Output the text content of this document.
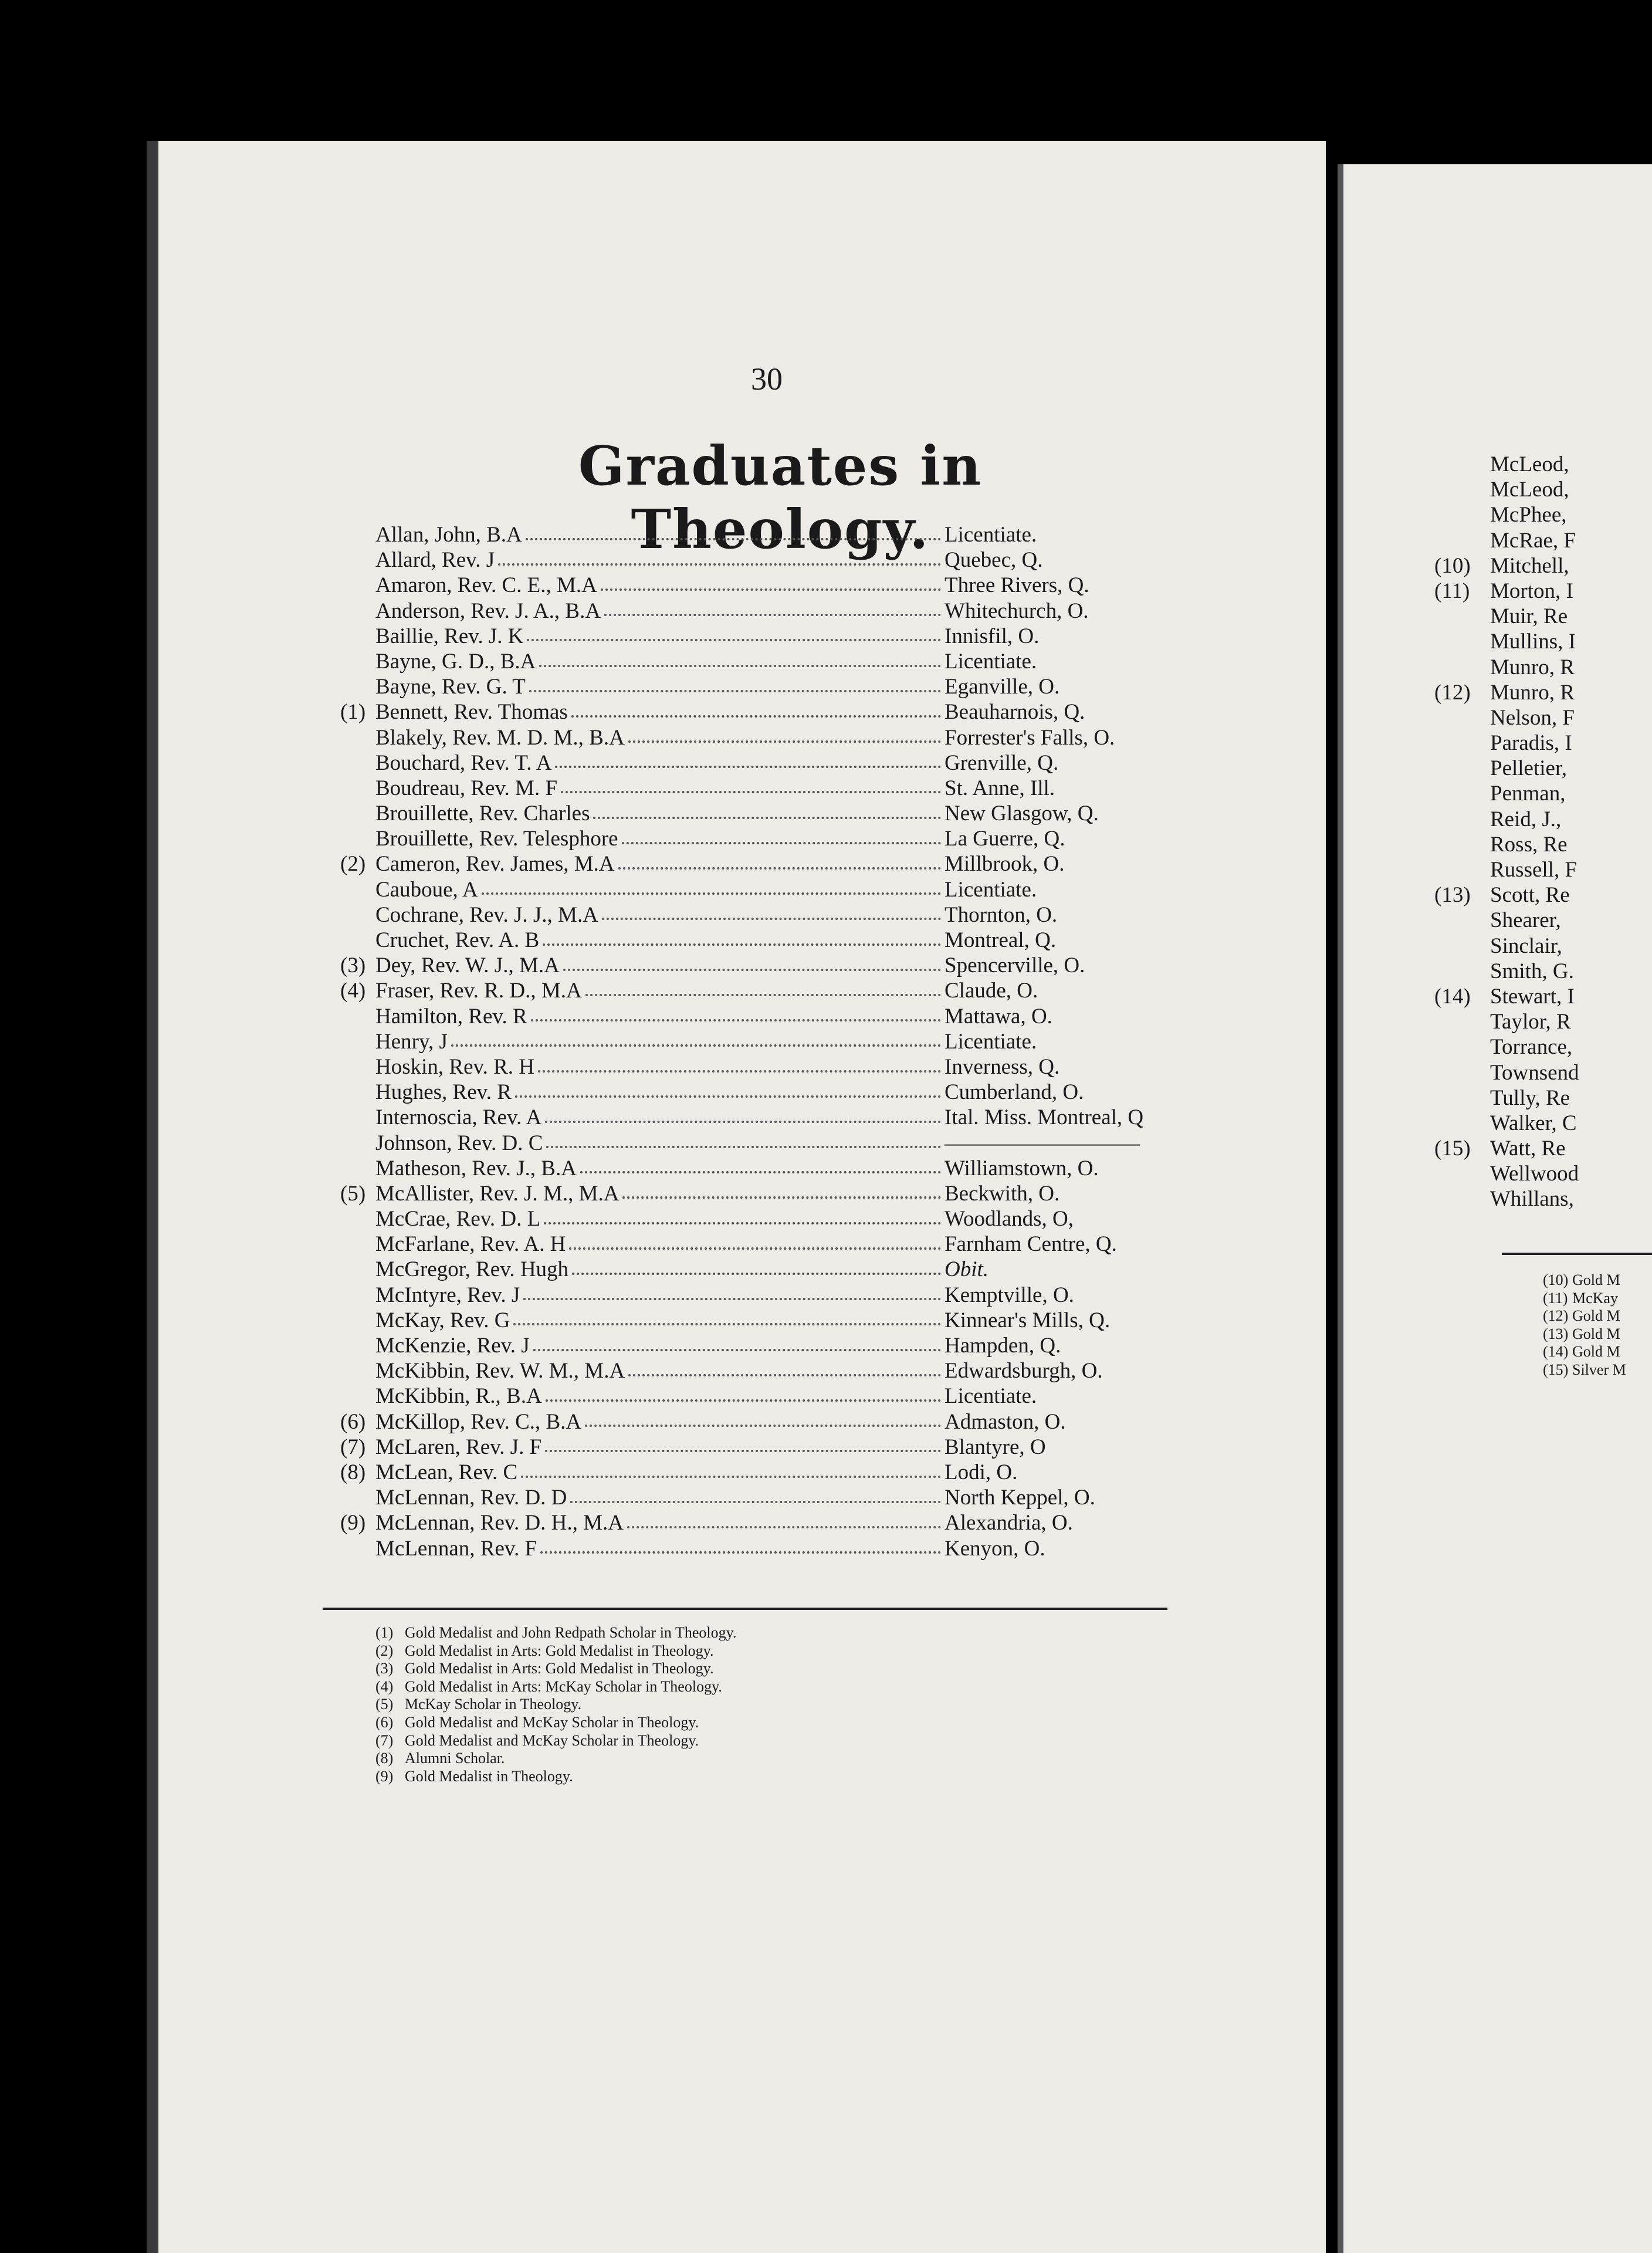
30
Graduates in Theology.
Allan, John, B.A	Licentiate.
Allard, Rev. J	Quebec, Q.
Amaron, Rev. C. E., M.A	Three Rivers, Q.
Anderson, Rev. J. A., B.A	Whitechurch, O.
Baillie, Rev. J. K	Innisfil, O.
Bayne, G. D., B.A	Licentiate.
Bayne, Rev. G. T	Eganville, O.
(1) Bennett, Rev. Thomas	Beauharnois, Q.
Blakely, Rev. M. D. M., B.A	Forrester's Falls, O.
Bouchard, Rev. T. A	Grenville, Q.
Boudreau, Rev. M. F	St. Anne, Ill.
Brouillette, Rev. Charles	New Glasgow, Q.
Brouillette, Rev. Telesphore	La Guerre, Q.
(2) Cameron, Rev. James, M.A	Millbrook, O.
Cauboue, A	Licentiate.
Cochrane, Rev. J. J., M.A	Thornton, O.
Cruchet, Rev. A. B	Montreal, Q.
(3) Dey, Rev. W. J., M.A	Spencerville, O.
(4) Fraser, Rev. R. D., M.A	Claude, O.
Hamilton, Rev. R	Mattawa, O.
Henry, J	Licentiate.
Hoskin, Rev. R. H	Inverness, Q.
Hughes, Rev. R	Cumberland, O.
Internoscia, Rev. A	Ital. Miss. Montreal, Q
Johnson, Rev. D. C	―――――――――
Matheson, Rev. J., B.A	Williamstown, O.
(5) McAllister, Rev. J. M., M.A	Beckwith, O.
McCrae, Rev. D. L	Woodlands, O,
McFarlane, Rev. A. H	Farnham Centre, Q.
McGregor, Rev. Hugh	Obit.
McIntyre, Rev. J	Kemptville, O.
McKay, Rev. G	Kinnear's Mills, Q.
McKenzie, Rev. J	Hampden, Q.
McKibbin, Rev. W. M., M.A	Edwardsburgh, O.
McKibbin, R., B.A	Licentiate.
(6) McKillop, Rev. C., B.A	Admaston, O.
(7) McLaren, Rev. J. F	Blantyre, O
(8) McLean, Rev. C	Lodi, O.
McLennan, Rev. D. D	North Keppel, O.
(9) McLennan, Rev. D. H., M.A	Alexandria, O.
McLennan, Rev. F	Kenyon, O.
(1) Gold Medalist and John Redpath Scholar in Theology.
(2) Gold Medalist in Arts: Gold Medalist in Theology.
(3) Gold Medalist in Arts: Gold Medalist in Theology.
(4) Gold Medalist in Arts: McKay Scholar in Theology.
(5) McKay Scholar in Theology.
(6) Gold Medalist and McKay Scholar in Theology.
(7) Gold Medalist and McKay Scholar in Theology.
(8) Alumni Scholar.
(9) Gold Medalist in Theology.
McLeod,
McLeod,
McPhee,
McRae, F
(10) Mitchell,
(11) Morton, I
Muir, Re
Mullins, I
Munro, R
(12) Munro, R
Nelson, F
Paradis, I
Pelletier,
Penman,
Reid, J.,
Ross, Re
Russell, F
(13) Scott, Re
Shearer,
Sinclair,
Smith, G.
(14) Stewart, I
Taylor, R
Torrance,
Townsend
Tully, Re
Walker, C
(15) Watt, Re
Wellwood
Whillans,
(10) Gold M
(11) McKay
(12) Gold M
(13) Gold M
(14) Gold M
(15) Silver M
